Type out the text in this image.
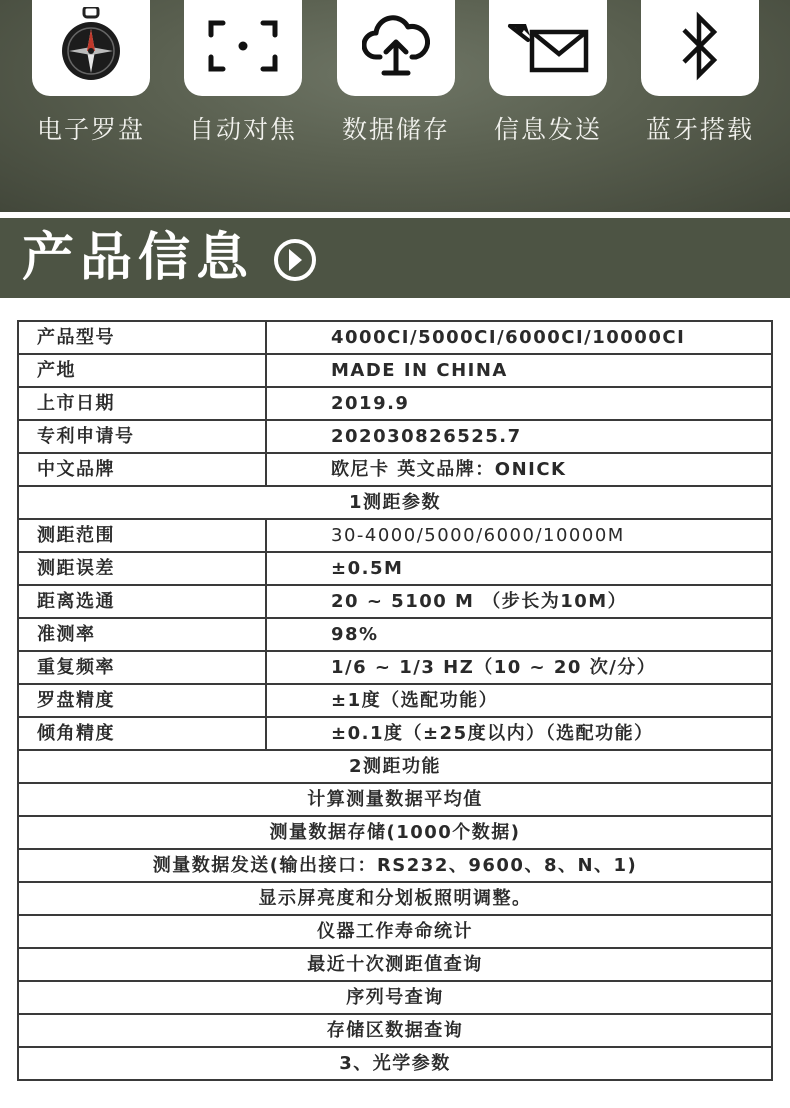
电子罗盘	自动对焦	数据储存	信息发送	蓝牙搭载
产品信息
产品型号	4000CI/5000CI/6000CI/10000CI
产地	MADE IN CHINA
上市日期	2019.9
专利申请号	202030826525.7
中文品牌	欧尼卡 英文品牌：ONICK
1测距参数	
测距范围	30-4000/5000/6000/10000M
测距误差	±0.5M
距离选通	20 ~ 5100 M （步长为10M）
准测率	98%
重复频率	1/6 ~ 1/3 HZ（10 ~ 20 次/分）
罗盘精度	±1度（选配功能）
倾角精度	±0.1度（±25度以内）（选配功能）
2测距功能	
计算测量数据平均值	
测量数据存储(1000个数据)	
测量数据发送(输出接口：RS232、9600、8、N、1)	
显示屏亮度和分划板照明调整。	
仪器工作寿命统计	
最近十次测距值查询	
序列号查询	
存储区数据查询	
3、光学参数	
